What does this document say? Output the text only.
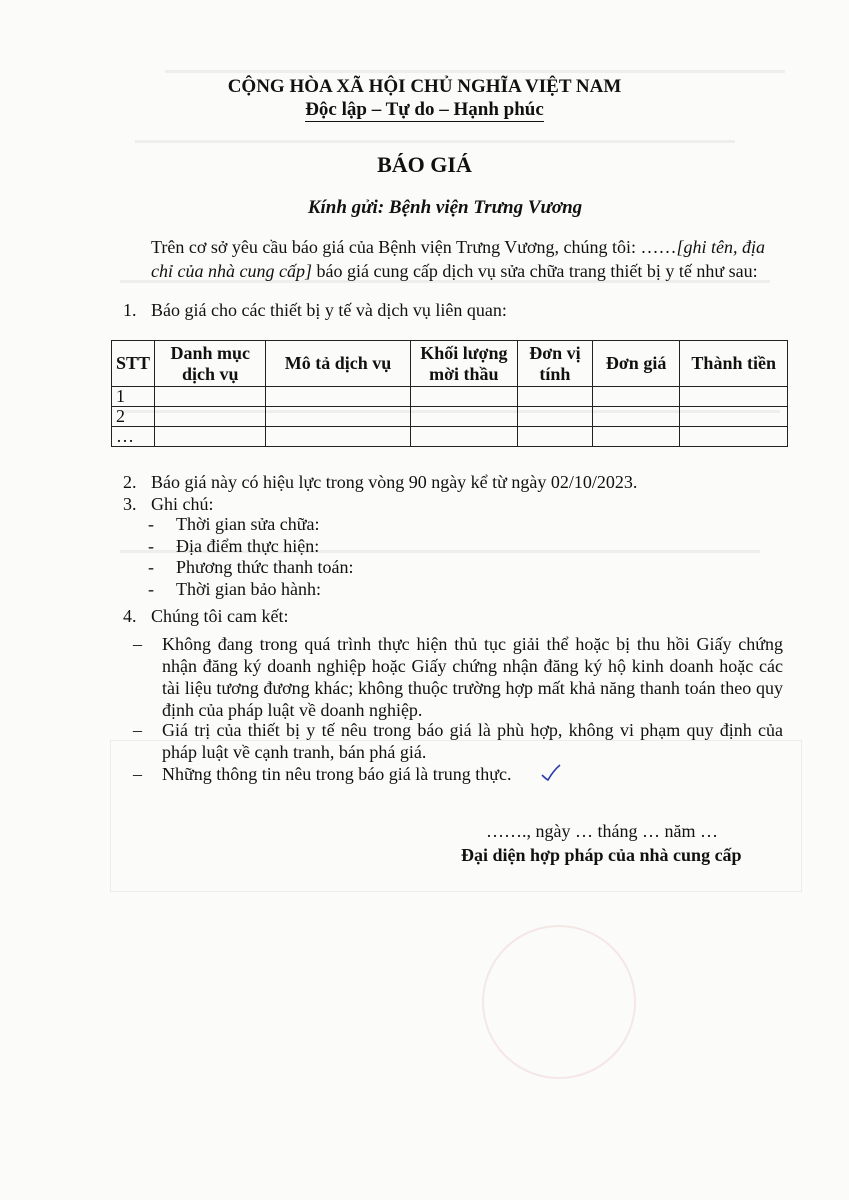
CỘNG HÒA XÃ HỘI CHỦ NGHĨA VIỆT NAM
Độc lập – Tự do – Hạnh phúc
BÁO GIÁ
Kính gửi: Bệnh viện Trưng Vương
Trên cơ sở yêu cầu báo giá của Bệnh viện Trưng Vương, chúng tôi: ……[ghi tên, địa chỉ của nhà cung cấp] báo giá cung cấp dịch vụ sửa chữa trang thiết bị y tế như sau:
1. Báo giá cho các thiết bị y tế và dịch vụ liên quan:
STT	Danh mục dịch vụ	Mô tả dịch vụ	Khối lượng mời thầu	Đơn vị tính	Đơn giá	Thành tiền
1						
2						
…						
2. Báo giá này có hiệu lực trong vòng 90 ngày kể từ ngày 02/10/2023.
3. Ghi chú:
- Thời gian sửa chữa:
- Địa điểm thực hiện:
- Phương thức thanh toán:
- Thời gian bảo hành:
4. Chúng tôi cam kết:
–	Không đang trong quá trình thực hiện thủ tục giải thể hoặc bị thu hồi Giấy chứng nhận đăng ký doanh nghiệp hoặc Giấy chứng nhận đăng ký hộ kinh doanh hoặc các tài liệu tương đương khác; không thuộc trường hợp mất khả năng thanh toán theo quy định của pháp luật về doanh nghiệp.
–	Giá trị của thiết bị y tế nêu trong báo giá là phù hợp, không vi phạm quy định của pháp luật về cạnh tranh, bán phá giá.
–	Những thông tin nêu trong báo giá là trung thực.
……., ngày … tháng … năm …
Đại diện hợp pháp của nhà cung cấp
